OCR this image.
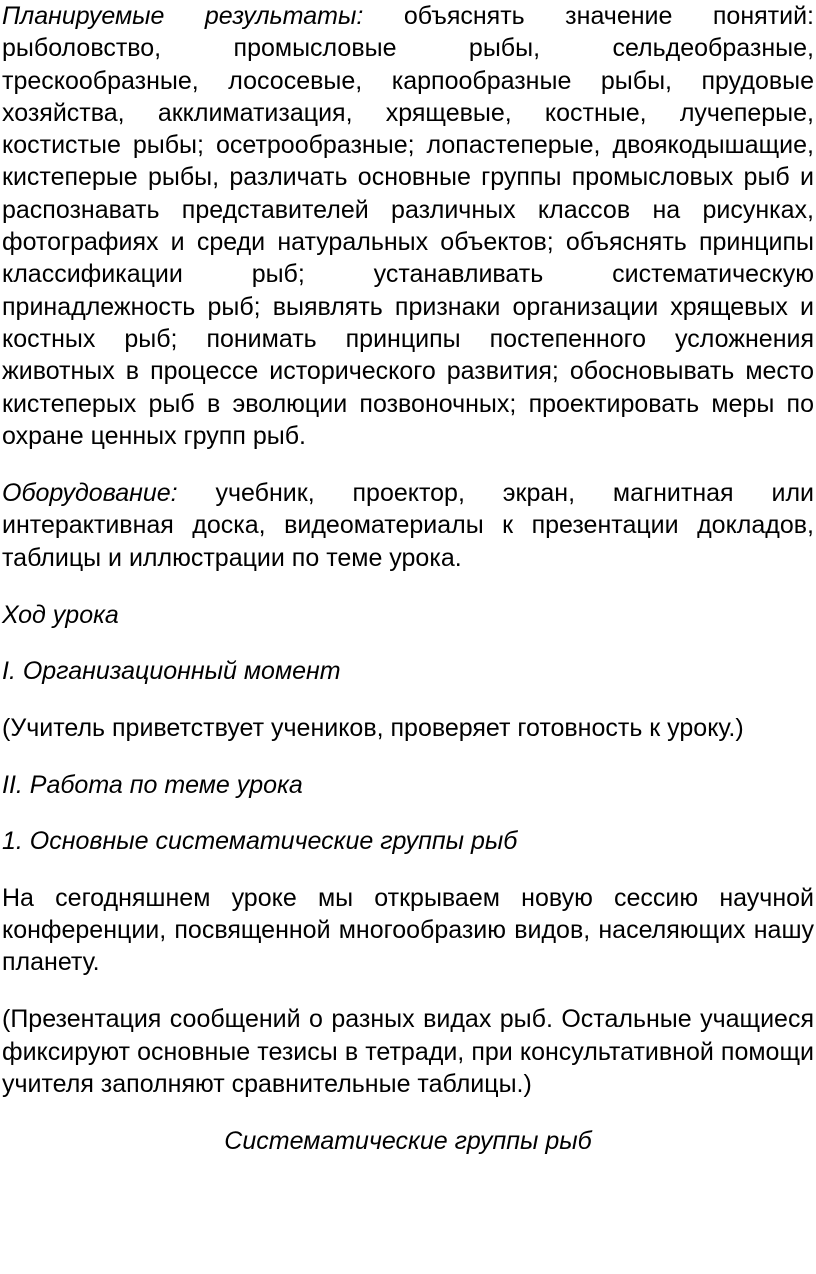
Планируемые результаты: объяснять значение понятий: рыболовство, промысловые рыбы, сельдеобразные, трескообразные, лососевые, карпообразные рыбы, прудовые хозяйства, акклиматизация, хрящевые, костные, лучеперые, костистые рыбы; осетрообразные; лопастеперые, двоякодышащие, кистеперые рыбы, различать основные группы промысловых рыб и распознавать представителей различных классов на рисунках, фотографиях и среди натуральных объектов; объяснять принципы классификации рыб; устанавливать систематическую принадлежность рыб; выявлять признаки организации хрящевых и костных рыб; понимать принципы постепенного усложнения животных в процессе исторического развития; обосновывать место кистеперых рыб в эволюции позвоночных; проектировать меры по охране ценных групп рыб.

Оборудование: учебник, проектор, экран, магнитная или интерактивная доска, видеоматериалы к презентации докладов, таблицы и иллюстрации по теме урока.

Ход урока

I. Организационный момент

(Учитель приветствует учеников, проверяет готовность к уроку.)

II. Работа по теме урока

1. Основные систематические группы рыб

На сегодняшнем уроке мы открываем новую сессию научной конференции, посвященной многообразию видов, населяющих нашу планету.

(Презентация сообщений о разных видах рыб. Остальные учащиеся фиксируют основные тезисы в тетради, при консультативной помощи учителя заполняют сравнительные таблицы.)

Систематические группы рыб
